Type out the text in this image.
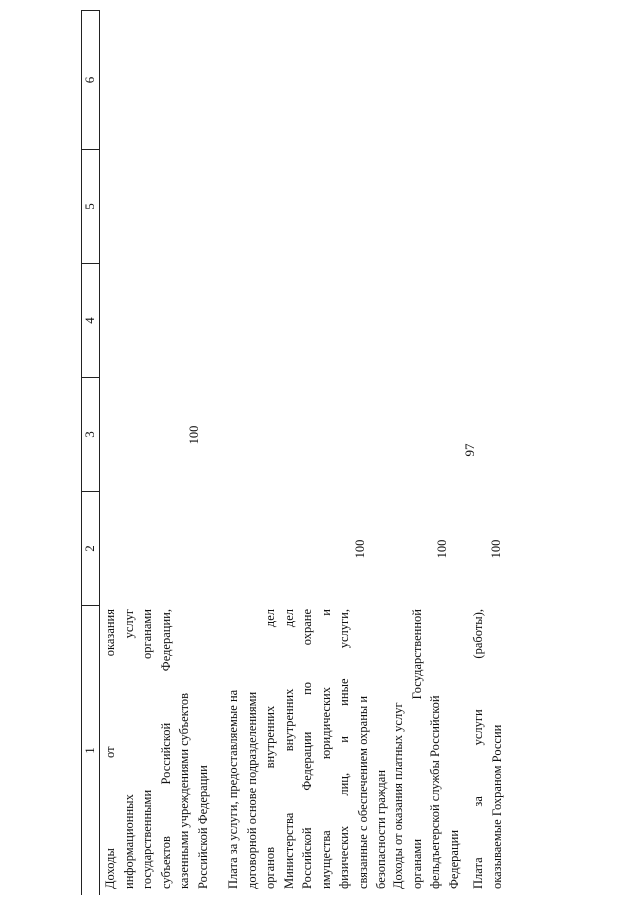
97
1
2
3
4
5
6
Доходы
от
оказания
информационных
услуг
государственными
органами
субъектов
Российской
Федерации,
казенными учреждениями субъектов Российской Федерации
100
Плата за услуги, предоставляемые на договорной основе подразделениями органов
внутренних
дел
Министерства
внутренних
дел
Российской
Федерации
по
охране
имущества
юридических
и
физических
лиц,
и
иные
услуги,
связанные с обеспечением охраны и безопасности граждан
100
Доходы от оказания платных услуг органами
Государственной
фельдъегерской службы Российской Федерации
100
Плата
за
услуги
(работы),
оказываемые Гохраном России
100
